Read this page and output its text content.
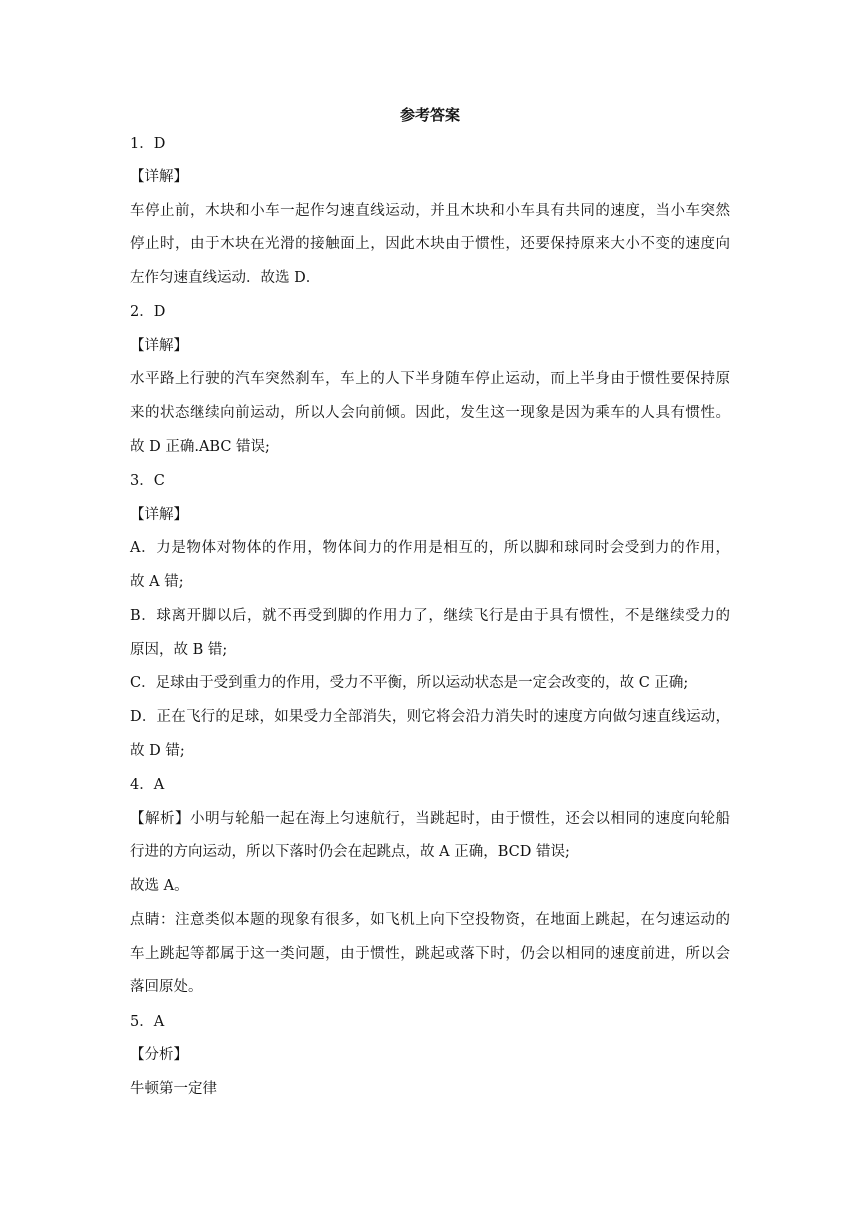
参考答案
1．D
【详解】
车停止前，木块和小车一起作匀速直线运动，并且木块和小车具有共同的速度，当小车突然
停止时，由于木块在光滑的接触面上，因此木块由于惯性，还要保持原来大小不变的速度向
左作匀速直线运动．故选 D．
2．D
【详解】
水平路上行驶的汽车突然刹车，车上的人下半身随车停止运动，而上半身由于惯性要保持原
来的状态继续向前运动，所以人会向前倾。因此，发生这一现象是因为乘车的人具有惯性。
故 D 正确.ABC 错误;
3．C
【详解】
A．力是物体对物体的作用，物体间力的作用是相互的，所以脚和球同时会受到力的作用，
故 A 错;
B．球离开脚以后，就不再受到脚的作用力了，继续飞行是由于具有惯性，不是继续受力的
原因，故 B 错;
C．足球由于受到重力的作用，受力不平衡，所以运动状态是一定会改变的，故 C 正确;
D．正在飞行的足球，如果受力全部消失，则它将会沿力消失时的速度方向做匀速直线运动，
故 D 错;
4．A
【解析】小明与轮船一起在海上匀速航行，当跳起时，由于惯性，还会以相同的速度向轮船
行进的方向运动，所以下落时仍会在起跳点，故 A 正确，BCD 错误;
故选 A。
点睛：注意类似本题的现象有很多，如飞机上向下空投物资，在地面上跳起，在匀速运动的
车上跳起等都属于这一类问题，由于惯性，跳起或落下时，仍会以相同的速度前进，所以会
落回原处。
5．A
【分析】
牛顿第一定律
